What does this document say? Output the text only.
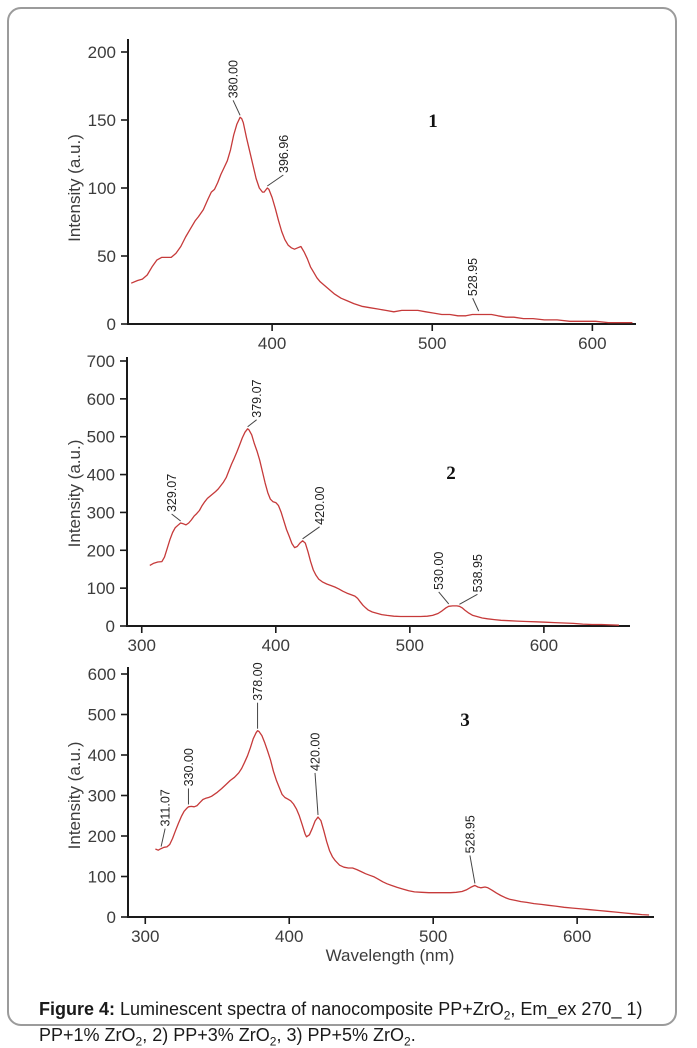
400	500	600
0
50
100
150
200
Intensity (a.u.)
380.00
396.96
528.95
1
300	400	500	600
0
100
200
300
400
500
600
700
Intensity (a.u.)	329.07
379.07
420.00
530.00 538.95
2
300	400	500	600
0
100
200
300
400
500
600
Intensity (a.u.)
Wavelength (nm)
311.07
330.00
378.00
420.00
528.95
3

Figure 4: Luminescent spectra of nanocomposite PP+ZrO$_2$, Em_ex 270_ 1) PP+1% ZrO$_2$, 2) PP+3% ZrO$_2$, 3) PP+5% ZrO$_2$.
